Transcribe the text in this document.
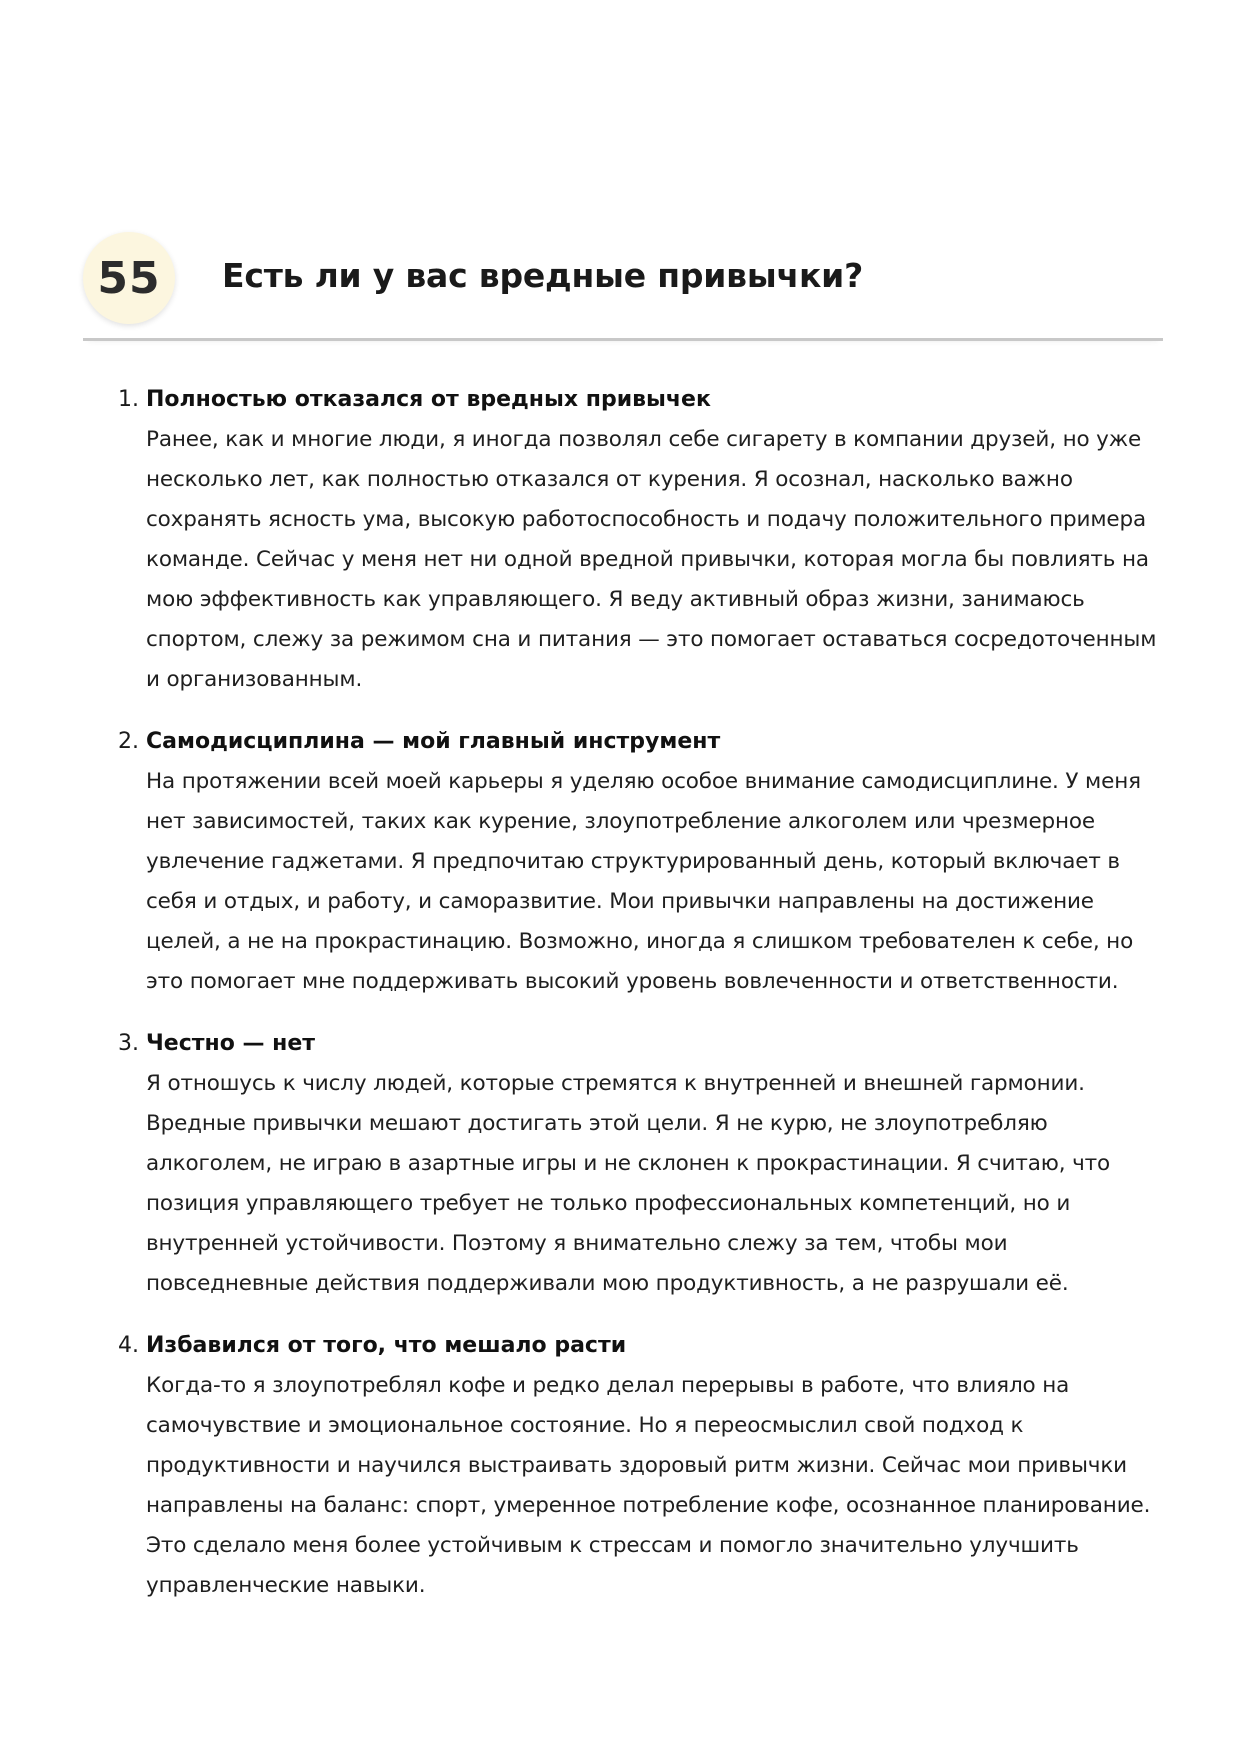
55	Есть ли у вас вредные привычки?
1. Полностью отказался от вредных привычек
Ранее, как и многие люди, я иногда позволял себе сигарету в компании друзей, но уже несколько лет, как полностью отказался от курения. Я осознал, насколько важно сохранять ясность ума, высокую работоспособность и подачу положительного примера команде. Сейчас у меня нет ни одной вредной привычки, которая могла бы повлиять на мою эффективность как управляющего. Я веду активный образ жизни, занимаюсь спортом, слежу за режимом сна и питания — это помогает оставаться сосредоточенным и организованным.
2. Самодисциплина — мой главный инструмент
На протяжении всей моей карьеры я уделяю особое внимание самодисциплине. У меня нет зависимостей, таких как курение, злоупотребление алкоголем или чрезмерное увлечение гаджетами. Я предпочитаю структурированный день, который включает в себя и отдых, и работу, и саморазвитие. Мои привычки направлены на достижение целей, а не на прокрастинацию. Возможно, иногда я слишком требователен к себе, но это помогает мне поддерживать высокий уровень вовлеченности и ответственности.
3. Честно — нет
Я отношусь к числу людей, которые стремятся к внутренней и внешней гармонии. Вредные привычки мешают достигать этой цели. Я не курю, не злоупотребляю алкоголем, не играю в азартные игры и не склонен к прокрастинации. Я считаю, что позиция управляющего требует не только профессиональных компетенций, но и внутренней устойчивости. Поэтому я внимательно слежу за тем, чтобы мои повседневные действия поддерживали мою продуктивность, а не разрушали её.
4. Избавился от того, что мешало расти
Когда-то я злоупотреблял кофе и редко делал перерывы в работе, что влияло на самочувствие и эмоциональное состояние. Но я переосмыслил свой подход к продуктивности и научился выстраивать здоровый ритм жизни. Сейчас мои привычки направлены на баланс: спорт, умеренное потребление кофе, осознанное планирование. Это сделало меня более устойчивым к стрессам и помогло значительно улучшить управленческие навыки.
